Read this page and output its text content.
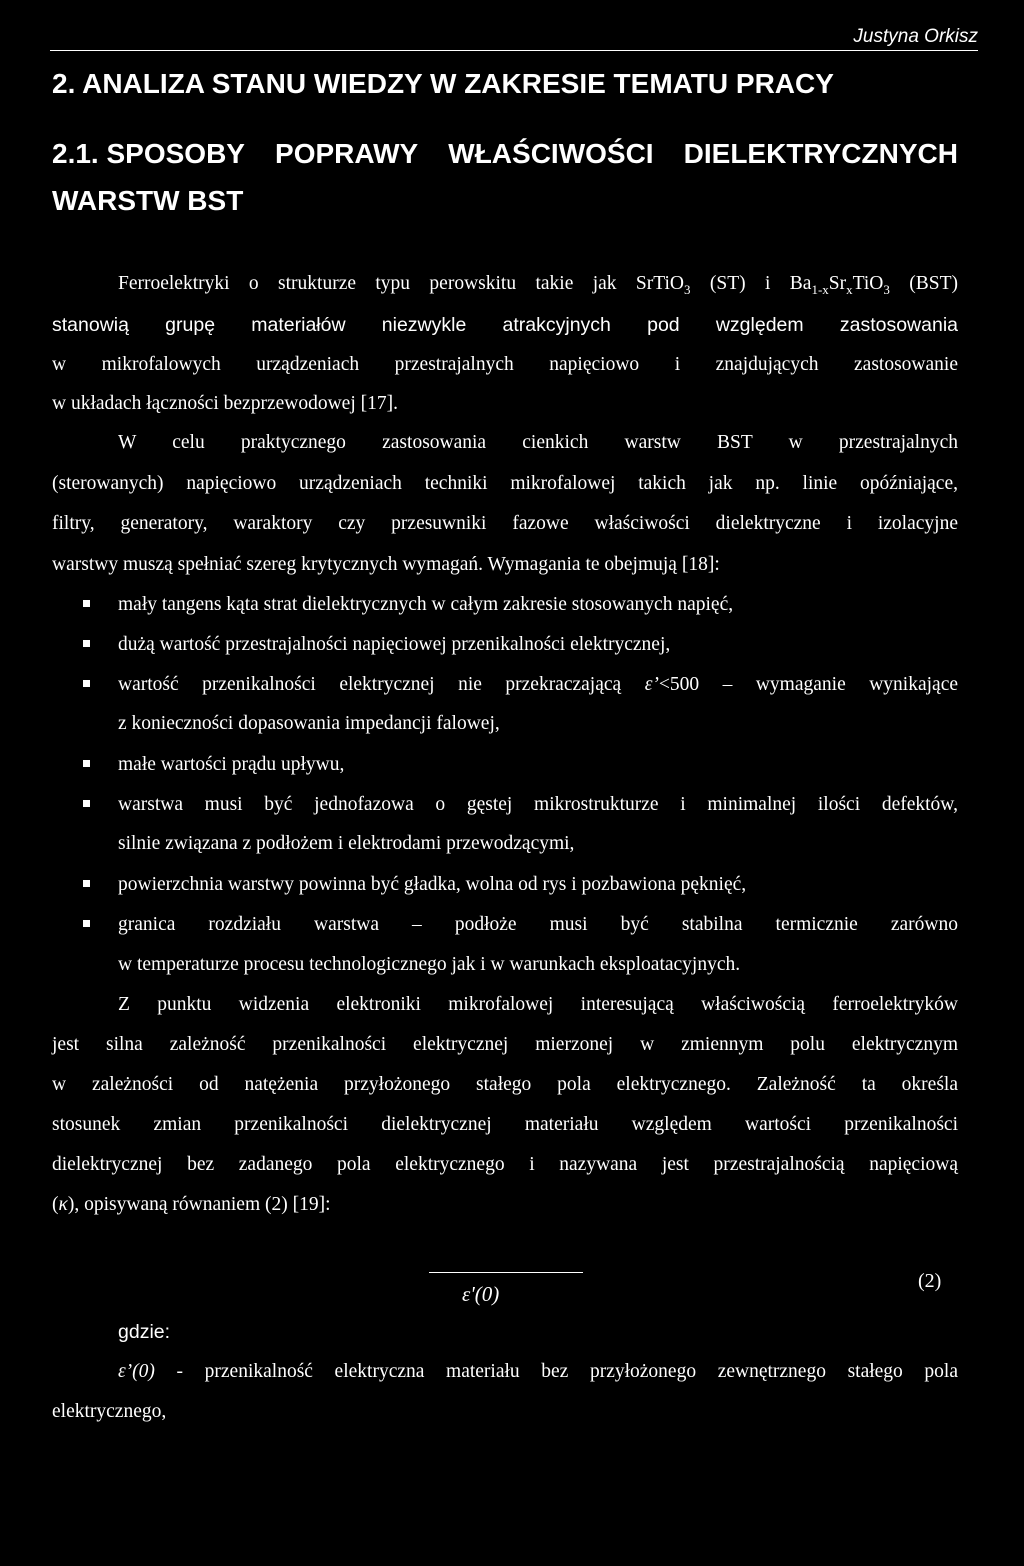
Justyna Orkisz
2. ANALIZA STANU WIEDZY W ZAKRESIE TEMATU PRACY
2.1. SPOSOBY POPRAWY WŁAŚCIWOŚCI DIELEKTRYCZNYCH
WARSTW BST
Ferroelektryki o strukturze typu perowskitu takie jak SrTiO$_3$ (ST) i $Ba_{1-x}Sr_xTiO_3$ (BST)
stanowią grupę materiałów niezwykle atrakcyjnych pod względem zastosowania
w mikrofalowych urządzeniach przestrajalnych napięciowo i znajdujących zastosowanie
w układach łączności bezprzewodowej [17].
W celu praktycznego zastosowania cienkich warstw BST w przestrajalnych
(sterowanych) napięciowo urządzeniach techniki mikrofalowej takich jak np. linie opóźniające,
filtry, generatory, waraktory czy przesuwniki fazowe właściwości dielektryczne i izolacyjne
warstwy muszą spełniać szereg krytycznych wymagań. Wymagania te obejmują [18]:
mały tangens kąta strat dielektrycznych w całym zakresie stosowanych napięć,
dużą wartość przestrajalności napięciowej przenikalności elektrycznej,
wartość przenikalności elektrycznej nie przekraczającą ε’<500 – wymaganie wynikające
z konieczności dopasowania impedancji falowej,
małe wartości prądu upływu,
warstwa musi być jednofazowa o gęstej mikrostrukturze i minimalnej ilości defektów,
silnie związana z podłożem i elektrodami przewodzącymi,
powierzchnia warstwy powinna być gładka, wolna od rys i pozbawiona pęknięć,
granica rozdziału warstwa – podłoże musi być stabilna termicznie zarówno
w temperaturze procesu technologicznego jak i w warunkach eksploatacyjnych.
Z punktu widzenia elektroniki mikrofalowej interesującą właściwością ferroelektryków
jest silna zależność przenikalności elektrycznej mierzonej w zmiennym polu elektrycznym
w zależności od natężenia przyłożonego stałego pola elektrycznego. Zależność ta określa
stosunek zmian przenikalności dielektrycznej materiału względem wartości przenikalności
dielektrycznej bez zadanego pola elektrycznego i nazywana jest przestrajalnością napięciową
(κ), opisywaną równaniem (2) [19]:
ε'(0)
(2)
gdzie:
ε’(0) - przenikalność elektryczna materiału bez przyłożonego zewnętrznego stałego pola
elektrycznego,
